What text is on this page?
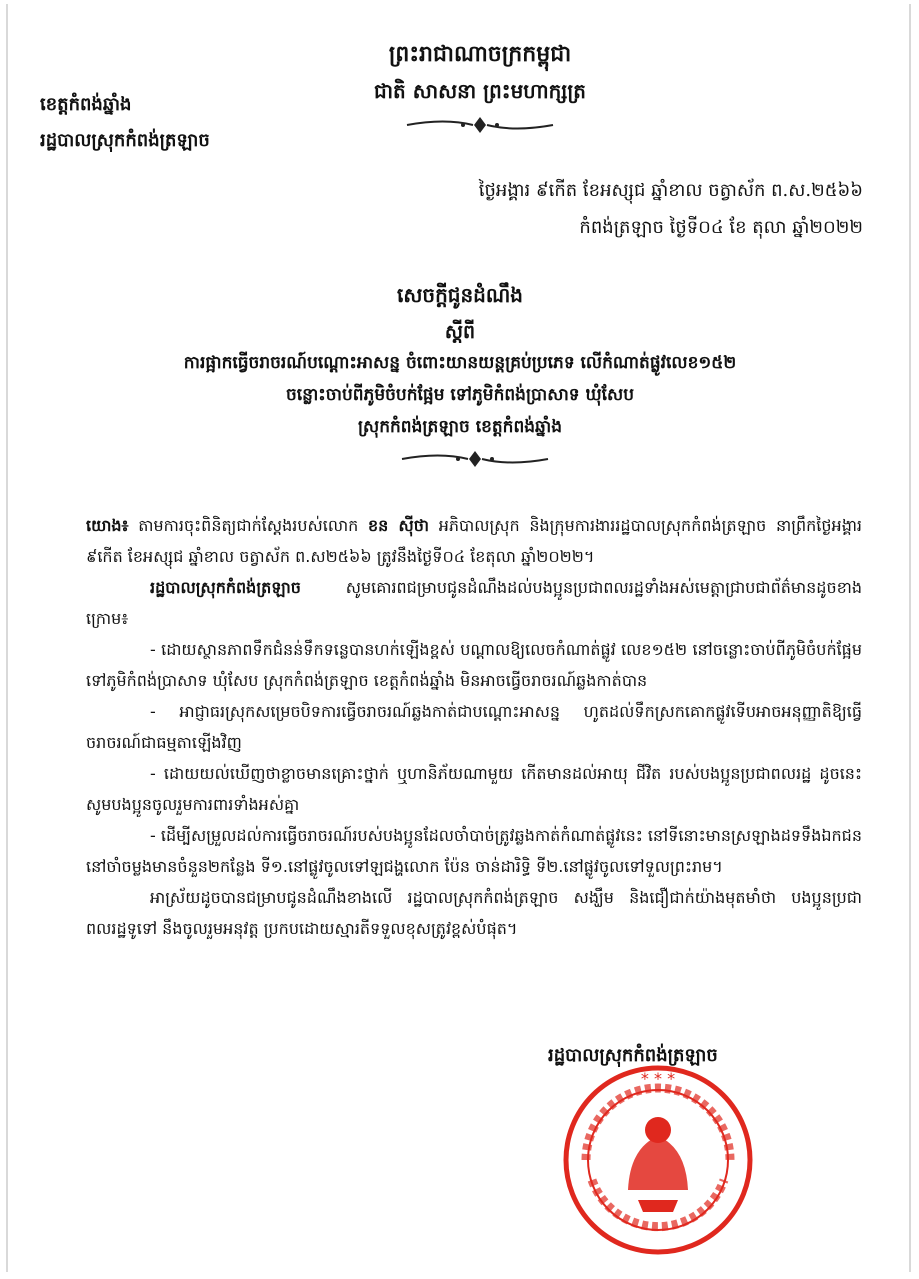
ព្រះរាជាណាចក្រកម្ពុជា
ជាតិ សាសនា ព្រះមហាក្សត្រ
ខេត្តកំពង់ឆ្នាំង
រដ្ឋបាលស្រុកកំពង់ត្រឡាច
ថ្ងៃអង្គារ ៩កើត ខែអស្សុជ ឆ្នាំខាល ចត្វាស័ក ព.ស.២៥៦៦
កំពង់ត្រឡាច ថ្ងៃទី០៤ ខែ តុលា ឆ្នាំ២០២២
សេចក្តីជូនដំណឹង
ស្តីពី
ការផ្អាកធ្វើចរាចរណ៍បណ្តោះអាសន្ន ចំពោះយានយន្តគ្រប់ប្រភេទ លើកំណាត់ផ្លូវលេខ១៥២
ចន្លោះចាប់ពីភូមិចំបក់ផ្អែម ទៅភូមិកំពង់ប្រាសាទ ឃុំសែប
ស្រុកកំពង់ត្រឡាច ខេត្តកំពង់ឆ្នាំង

យោង៖ តាមការចុះពិនិត្យជាក់ស្តែងរបស់លោក ខន ស៊ីថា អភិបាលស្រុក និងក្រុមការងាររដ្ឋបាលស្រុកកំពង់ត្រឡាច នាព្រឹកថ្ងៃអង្គារ ៩កើត ខែអស្សុជ ឆ្នាំខាល ចត្វាស័ក ព.ស២៥៦៦ ត្រូវនឹងថ្ងៃទី០៤ ខែតុលា ឆ្នាំ២០២២។

រដ្ឋបាលស្រុកកំពង់ត្រឡាច សូមគោរពជម្រាបជូនដំណឹងដល់បងប្អូនប្រជាពលរដ្ឋទាំងអស់មេត្តាជ្រាបជាព័ត៌មានដូចខាងក្រោម៖

- ដោយស្ថានភាពទឹកជំនន់ទឹកទន្លេបានហក់ឡើងខ្ពស់ បណ្តាលឱ្យលេចកំណាត់ផ្លូវ លេខ១៥២ នៅចន្លោះចាប់ពីភូមិចំបក់ផ្អែម ទៅភូមិកំពង់ប្រាសាទ ឃុំសែប ស្រុកកំពង់ត្រឡាច ខេត្តកំពង់ឆ្នាំង មិនអាចធ្វើចរាចរណ៍ឆ្លងកាត់បាន

- អាជ្ញាធរស្រុកសម្រេចបិទការធ្វើចរាចរណ៍ឆ្លងកាត់ជាបណ្តោះអាសន្ន ហូតដល់ទឹកស្រកគោកផ្លូវទើបអាចអនុញ្ញាតិឱ្យធ្វើចរាចរណ៍ជាធម្មតាឡើងវិញ

- ដោយយល់ឃើញថាខ្លាចមានគ្រោះថ្នាក់ ឬហានិភ័យណាមួយ កើតមានដល់អាយុ ជីវិត របស់បងប្អូនប្រជាពលរដ្ឋ ដូចនេះសូមបងប្អូនចូលរួមការពារទាំងអស់គ្នា

- ដើម្បីសម្រួលដល់ការធ្វើចរាចរណ៍របស់បងប្អូនដែលចាំបាច់ត្រូវឆ្លងកាត់កំណាត់ផ្លូវនេះ នៅទីនោះមានស្រឡាងដទទឹងឯកជននៅចាំចម្លងមានចំនួន២កន្លែង ទី១.នៅផ្លូវចូលទៅឡជង្ហលោក ប៉ែន ចាន់ដារិទ្ធិ ទី២.នៅផ្លូវចូលទៅទួលព្រះរាម។

អាស្រ័យដូចបានជម្រាបជូនដំណឹងខាងលើ រដ្ឋបាលស្រុកកំពង់ត្រឡាច សង្ឃឹម និងជឿជាក់យ៉ាងមុតមាំថា បងប្អូនប្រជាពលរដ្ឋទូទៅ នឹងចូលរួមអនុវត្ត ប្រកបដោយស្មារតីទទួលខុសត្រូវខ្ពស់បំផុត។

* * *
រដ្ឋបាលស្រុកកំពង់ត្រឡាច
